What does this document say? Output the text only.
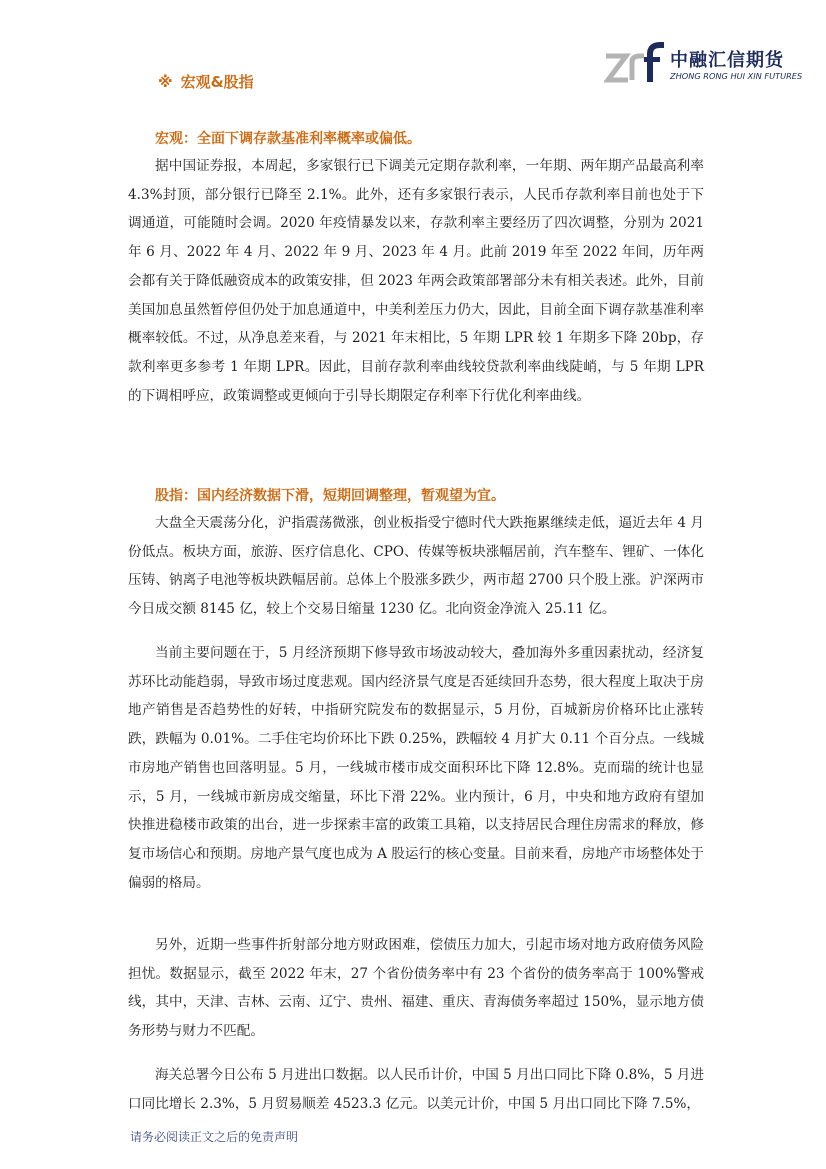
中融汇信期货
ZHONG RONG HUI XIN FUTURES
※ 宏观&股指
宏观：全面下调存款基准利率概率或偏低。

据中国证券报，本周起，多家银行已下调美元定期存款利率，一年期、两年期产品最高利率 4.3%封顶，部分银行已降至 2.1%。此外，还有多家银行表示，人民币存款利率目前也处于下调通道，可能随时会调。2020 年疫情暴发以来，存款利率主要经历了四次调整，分别为 2021 年 6 月、2022 年 4 月、2022 年 9 月、2023 年 4 月。此前 2019 年至 2022 年间，历年两会都有关于降低融资成本的政策安排，但 2023 年两会政策部署部分未有相关表述。此外，目前美国加息虽然暂停但仍处于加息通道中，中美利差压力仍大，因此，目前全面下调存款基准利率概率较低。不过，从净息差来看，与 2021 年末相比，5 年期 LPR 较 1 年期多下降 20bp，存款利率更多参考 1 年期 LPR。因此，目前存款利率曲线较贷款利率曲线陡峭，与 5 年期 LPR 的下调相呼应，政策调整或更倾向于引导长期限定存利率下行优化利率曲线。

股指：国内经济数据下滑，短期回调整理，暂观望为宜。

大盘全天震荡分化，沪指震荡微涨，创业板指受宁德时代大跌拖累继续走低，逼近去年 4 月份低点。板块方面，旅游、医疗信息化、CPO、传媒等板块涨幅居前，汽车整车、锂矿、一体化压铸、钠离子电池等板块跌幅居前。总体上个股涨多跌少，两市超 2700 只个股上涨。沪深两市今日成交额 8145 亿，较上个交易日缩量 1230 亿。北向资金净流入 25.11 亿。

当前主要问题在于，5 月经济预期下修导致市场波动较大，叠加海外多重因素扰动，经济复苏环比动能趋弱，导致市场过度悲观。国内经济景气度是否延续回升态势，很大程度上取决于房地产销售是否趋势性的好转，中指研究院发布的数据显示，5 月份，百城新房价格环比止涨转跌，跌幅为 0.01%。二手住宅均价环比下跌 0.25%，跌幅较 4 月扩大 0.11 个百分点。一线城市房地产销售也回落明显。5 月，一线城市楼市成交面积环比下降 12.8%。克而瑞的统计也显示，5 月，一线城市新房成交缩量，环比下滑 22%。业内预计，6 月，中央和地方政府有望加快推进稳楼市政策的出台，进一步探索丰富的政策工具箱，以支持居民合理住房需求的释放，修复市场信心和预期。房地产景气度也成为 A 股运行的核心变量。目前来看，房地产市场整体处于偏弱的格局。

另外，近期一些事件折射部分地方财政困难，偿债压力加大，引起市场对地方政府债务风险担忧。数据显示，截至 2022 年末，27 个省份债务率中有 23 个省份的债务率高于 100%警戒线，其中，天津、吉林、云南、辽宁、贵州、福建、重庆、青海债务率超过 150%，显示地方债务形势与财力不匹配。

海关总署今日公布 5 月进出口数据。以人民币计价，中国 5 月出口同比下降 0.8%，5 月进口同比增长 2.3%，5 月贸易顺差 4523.3 亿元。以美元计价，中国 5 月出口同比下降 7.5%，

请务必阅读正文之后的免责声明
